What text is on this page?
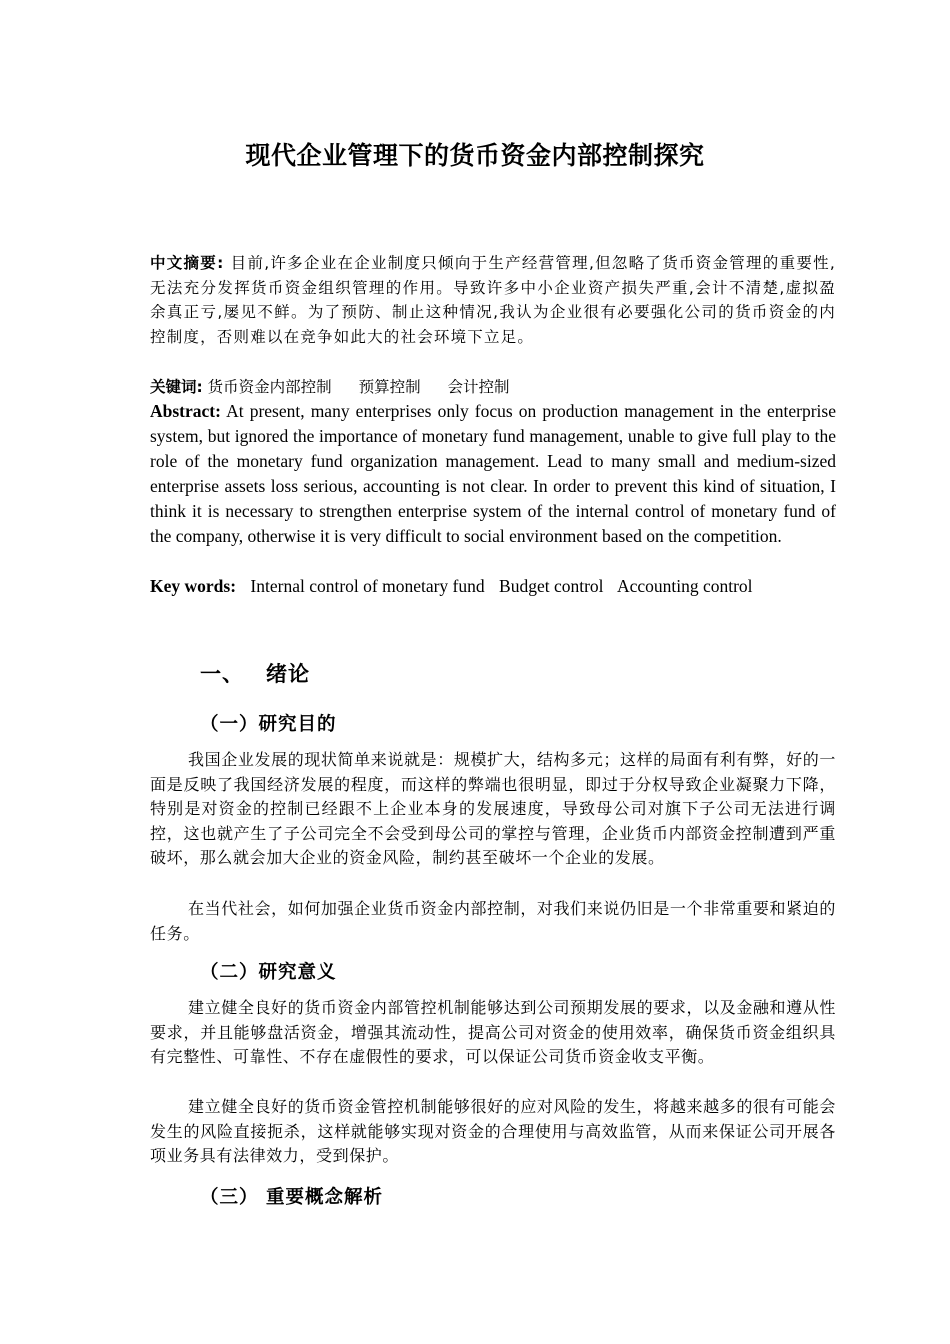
现代企业管理下的货币资金内部控制探究
中文摘要: 目前,许多企业在企业制度只倾向于生产经营管理,但忽略了货币资金管理的重要性,无法充分发挥货币资金组织管理的作用。导致许多中小企业资产损失严重,会计不清楚,虚拟盈余真正亏,屡见不鲜。为了预防、制止这种情况,我认为企业很有必要强化公司的货币资金的内控制度，否则难以在竞争如此大的社会环境下立足。
关键词: 货币资金内部控制 预算控制 会计控制
Abstract: At present, many enterprises only focus on production management in the enterprise system, but ignored the importance of monetary fund management, unable to give full play to the role of the monetary fund organization management. Lead to many small and medium-sized enterprise assets loss serious, accounting is not clear. In order to prevent this kind of situation, I think it is necessary to strengthen enterprise system of the internal control of monetary fund of the company, otherwise it is very difficult to social environment based on the competition.
Key words: Internal control of monetary fund Budget control Accounting control
一、 绪论
（一）研究目的
我国企业发展的现状简单来说就是：规模扩大，结构多元；这样的局面有利有弊，好的一面是反映了我国经济发展的程度，而这样的弊端也很明显，即过于分权导致企业凝聚力下降，特别是对资金的控制已经跟不上企业本身的发展速度，导致母公司对旗下子公司无法进行调控，这也就产生了子公司完全不会受到母公司的掌控与管理，企业货币内部资金控制遭到严重破坏，那么就会加大企业的资金风险，制约甚至破坏一个企业的发展。
在当代社会，如何加强企业货币资金内部控制，对我们来说仍旧是一个非常重要和紧迫的任务。
（二）研究意义
建立健全良好的货币资金内部管控机制能够达到公司预期发展的要求，以及金融和遵从性要求，并且能够盘活资金，增强其流动性，提高公司对资金的使用效率，确保货币资金组织具有完整性、可靠性、不存在虚假性的要求，可以保证公司货币资金收支平衡。
建立健全良好的货币资金管控机制能够很好的应对风险的发生，将越来越多的很有可能会发生的风险直接扼杀，这样就能够实现对资金的合理使用与高效监管，从而来保证公司开展各项业务具有法律效力，受到保护。
（三） 重要概念解析
